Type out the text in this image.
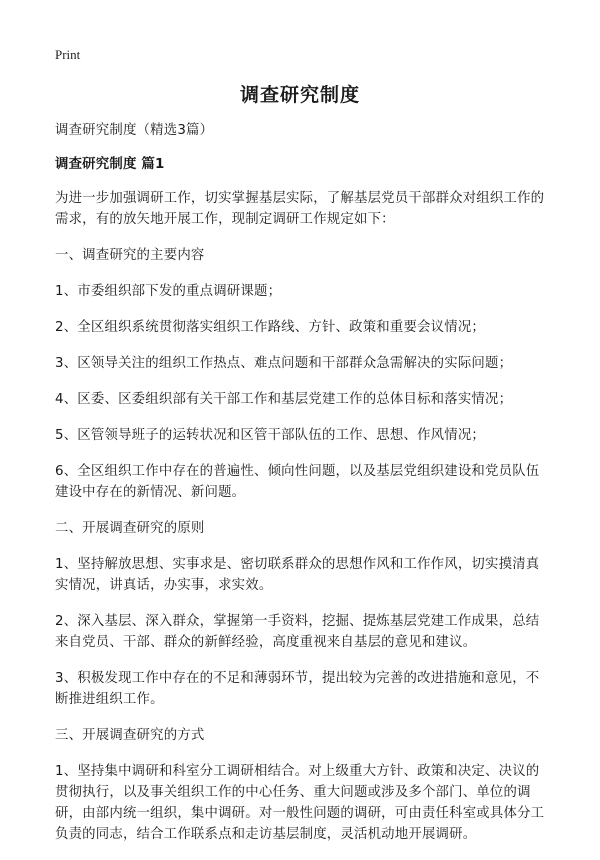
Print
调查研究制度

调查研究制度（精选3篇）

调查研究制度 篇1

为进一步加强调研工作，切实掌握基层实际，了解基层党员干部群众对组织工作的需求，有的放矢地开展工作，现制定调研工作规定如下：

一、调查研究的主要内容

1、市委组织部下发的重点调研课题；

2、全区组织系统贯彻落实组织工作路线、方针、政策和重要会议情况；

3、区领导关注的组织工作热点、难点问题和干部群众急需解决的实际问题；

4、区委、区委组织部有关干部工作和基层党建工作的总体目标和落实情况；

5、区管领导班子的运转状况和区管干部队伍的工作、思想、作风情况；

6、全区组织工作中存在的普遍性、倾向性问题，以及基层党组织建设和党员队伍建设中存在的新情况、新问题。

二、开展调查研究的原则

1、坚持解放思想、实事求是、密切联系群众的思想作风和工作作风，切实摸清真实情况，讲真话，办实事，求实效。

2、深入基层、深入群众，掌握第一手资料，挖掘、提炼基层党建工作成果，总结来自党员、干部、群众的新鲜经验，高度重视来自基层的意见和建议。

3、积极发现工作中存在的不足和薄弱环节，提出较为完善的改进措施和意见，不断推进组织工作。

三、开展调查研究的方式

1、坚持集中调研和科室分工调研相结合。对上级重大方针、政策和决定、决议的贯彻执行，以及事关组织工作的中心任务、重大问题或涉及多个部门、单位的调研，由部内统一组织，集中调研。对一般性问题的调研，可由责任科室或具体分工负责的同志，结合工作联系点和走访基层制度，灵活机动地开展调研。
